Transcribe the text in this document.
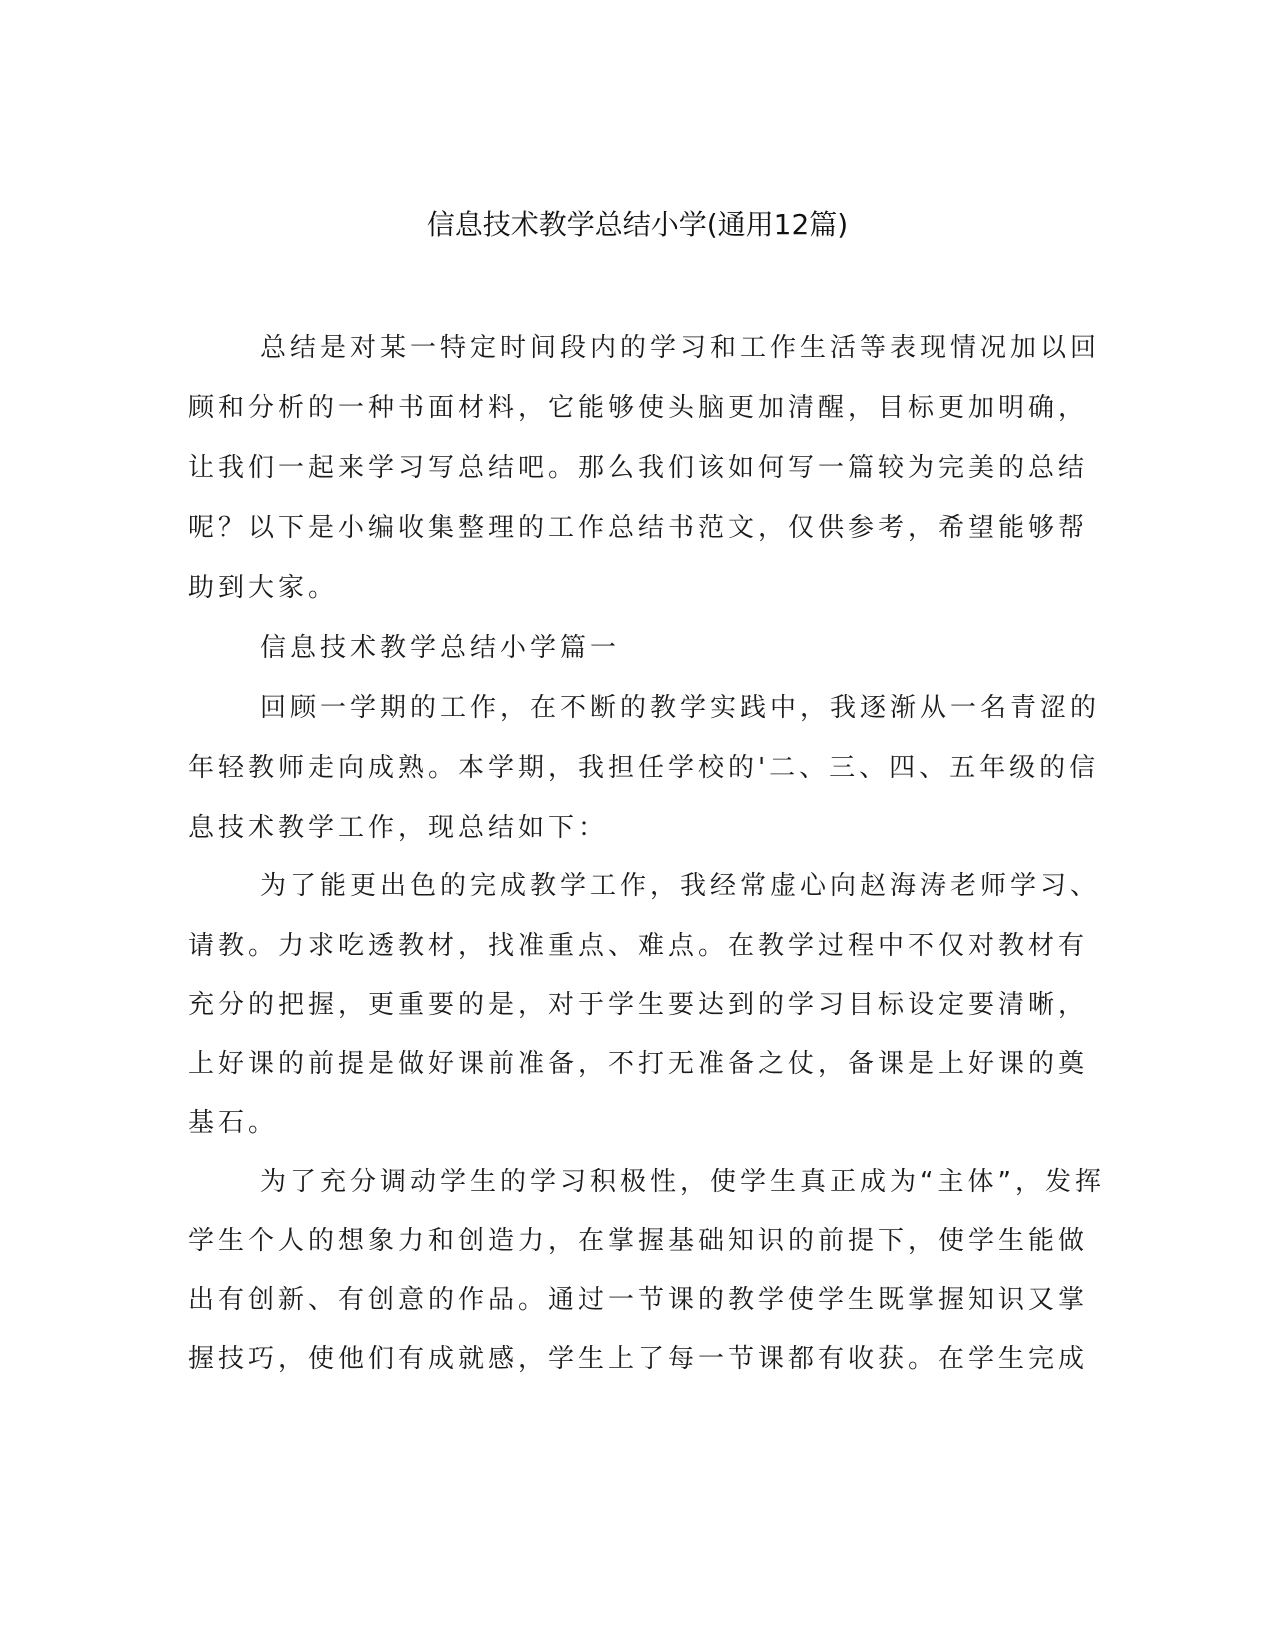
信息技术教学总结小学(通用12篇)
总结是对某一特定时间段内的学习和工作生活等表现情况加以回
顾和分析的一种书面材料，它能够使头脑更加清醒，目标更加明确，
让我们一起来学习写总结吧。那么我们该如何写一篇较为完美的总结
呢？以下是小编收集整理的工作总结书范文，仅供参考，希望能够帮
助到大家。
信息技术教学总结小学篇一
回顾一学期的工作，在不断的教学实践中，我逐渐从一名青涩的
年轻教师走向成熟。本学期，我担任学校的'二、三、四、五年级的信
息技术教学工作，现总结如下：
为了能更出色的完成教学工作，我经常虚心向赵海涛老师学习、
请教。力求吃透教材，找准重点、难点。在教学过程中不仅对教材有
充分的把握，更重要的是，对于学生要达到的学习目标设定要清晰，
上好课的前提是做好课前准备，不打无准备之仗，备课是上好课的奠
基石。
为了充分调动学生的学习积极性，使学生真正成为“主体”，发挥
学生个人的想象力和创造力，在掌握基础知识的前提下，使学生能做
出有创新、有创意的作品。通过一节课的教学使学生既掌握知识又掌
握技巧，使他们有成就感，学生上了每一节课都有收获。在学生完成
